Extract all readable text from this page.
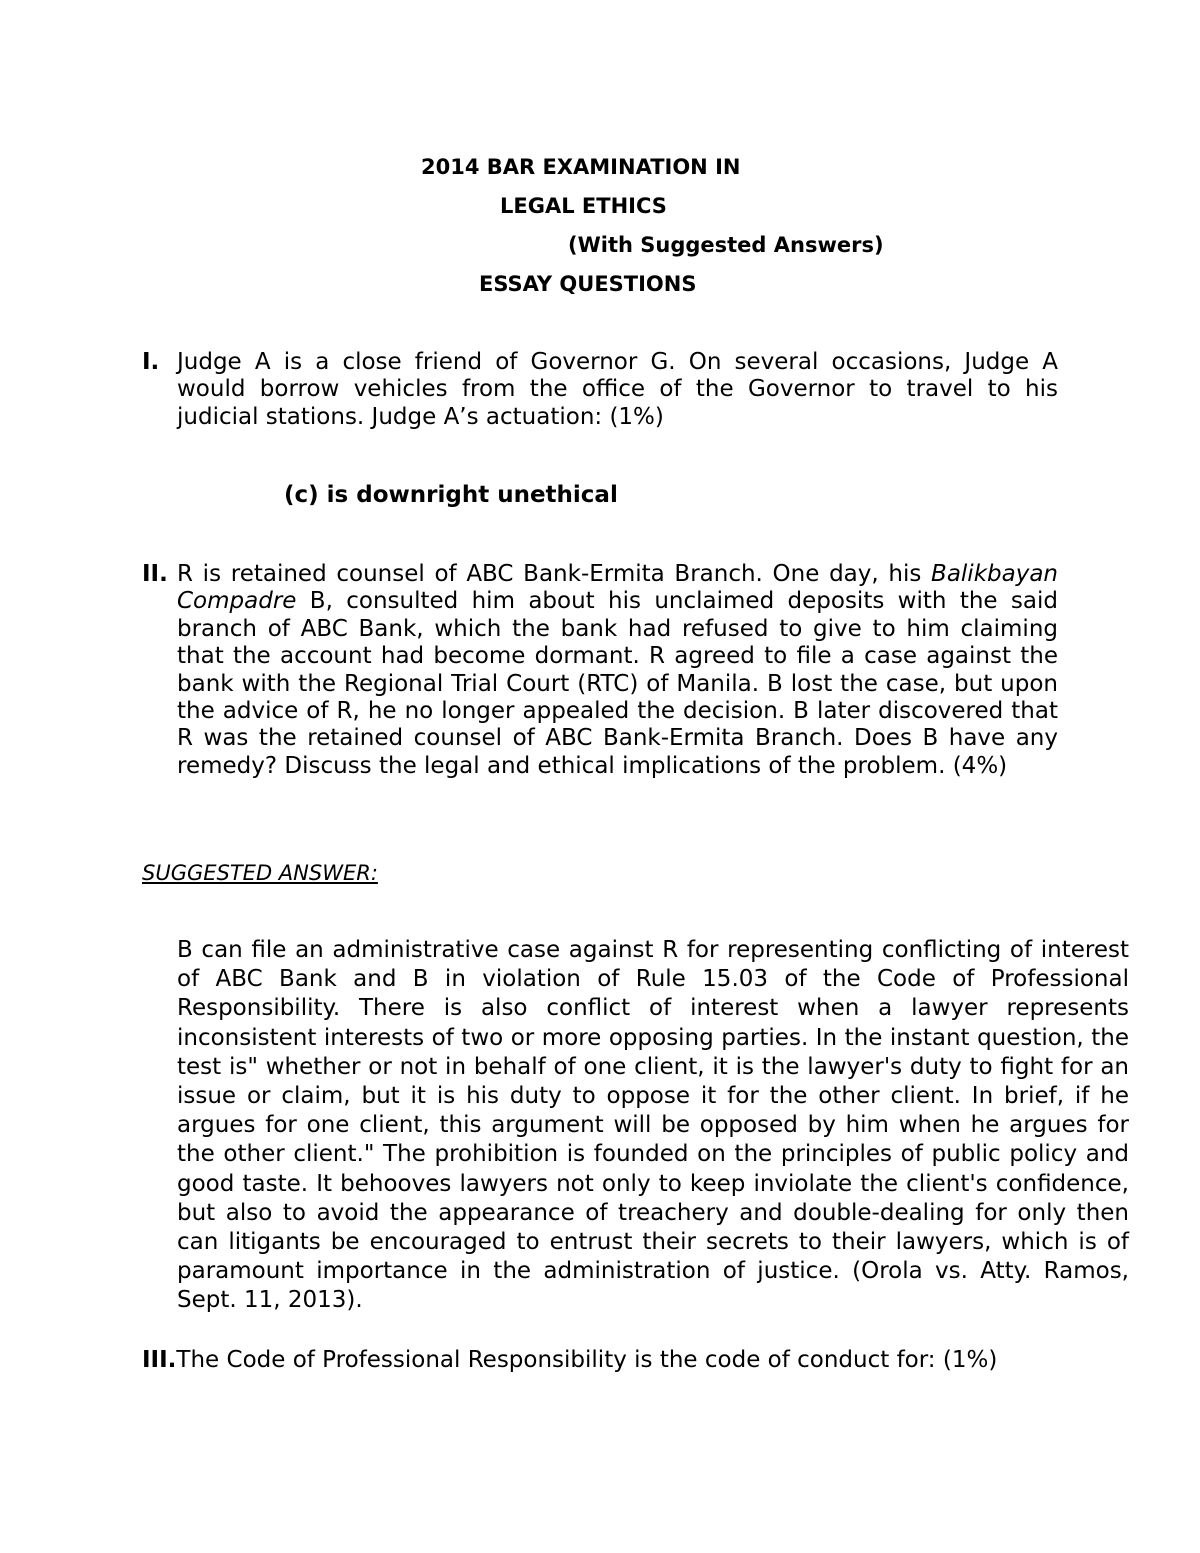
2014 BAR EXAMINATION IN
LEGAL ETHICS
(With Suggested Answers)
ESSAY QUESTIONS
I. Judge A is a close friend of Governor G. On several occasions, Judge A would borrow vehicles from the office of the Governor to travel to his judicial stations. Judge A’s actuation: (1%)
(c) is downright unethical
II. R is retained counsel of ABC Bank-Ermita Branch. One day, his Balikbayan Compadre B, consulted him about his unclaimed deposits with the said branch of ABC Bank, which the bank had refused to give to him claiming that the account had become dormant. R agreed to file a case against the bank with the Regional Trial Court (RTC) of Manila. B lost the case, but upon the advice of R, he no longer appealed the decision. B later discovered that R was the retained counsel of ABC Bank-Ermita Branch. Does B have any remedy? Discuss the legal and ethical implications of the problem. (4%)
SUGGESTED ANSWER:
B can file an administrative case against R for representing conflicting of interest of ABC Bank and B in violation of Rule 15.03 of the Code of Professional Responsibility. There is also conflict of interest when a lawyer represents inconsistent interests of two or more opposing parties. In the instant question, the test is" whether or not in behalf of one client, it is the lawyer's duty to fight for an issue or claim, but it is his duty to oppose it for the other client. In brief, if he argues for one client, this argument will be opposed by him when he argues for the other client." The prohibition is founded on the principles of public policy and good taste. It behooves lawyers not only to keep inviolate the client's confidence, but also to avoid the appearance of treachery and double-dealing for only then can litigants be encouraged to entrust their secrets to their lawyers, which is of paramount importance in the administration of justice. (Orola vs. Atty. Ramos, Sept. 11, 2013).
III.The Code of Professional Responsibility is the code of conduct for: (1%)
